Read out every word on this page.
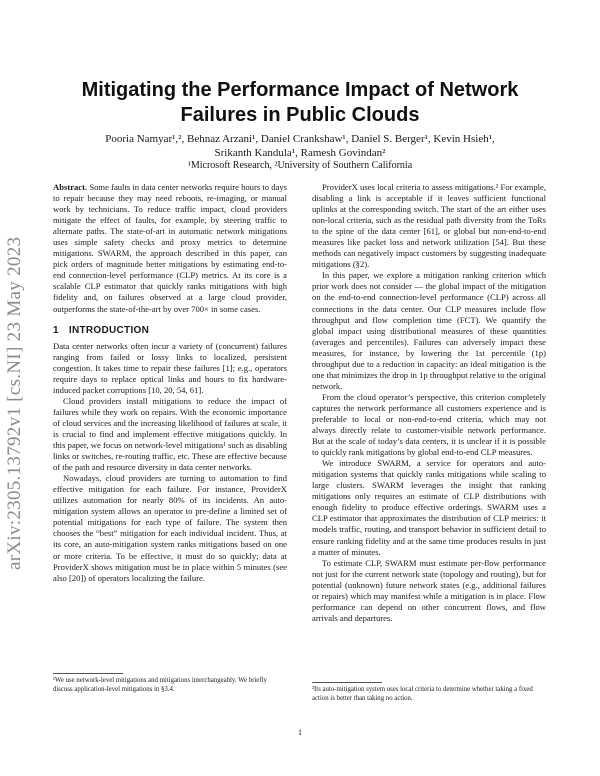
arXiv:2305.13792v1 [cs.NI] 23 May 2023
Mitigating the Performance Impact of Network
Failures in Public Clouds
Pooria Namyar¹,², Behnaz Arzani¹, Daniel Crankshaw¹, Daniel S. Berger¹, Kevin Hsieh¹,
Srikanth Kandula¹, Ramesh Govindan²
¹Microsoft Research, ²University of Southern California

Abstract. Some faults in data center networks require hours to days to repair because they may need reboots, re-imaging, or manual work by technicians. To reduce traffic impact, cloud providers mitigate the effect of faults, for example, by steering traffic to alternate paths. The state-of-art in automatic network mitigations uses simple safety checks and proxy metrics to determine mitigations. SWARM, the approach described in this paper, can pick orders of magnitude better mitigations by estimating end-to-end connection-level performance (CLP) metrics. At its core is a scalable CLP estimator that quickly ranks mitigations with high fidelity and, on failures observed at a large cloud provider, outperforms the state-of-the-art by over 700× in some cases.

1 INTRODUCTION

Data center networks often incur a variety of (concurrent) failures ranging from failed or lossy links to localized, persistent congestion. It takes time to repair these failures [1]; e.g., operators require days to replace optical links and hours to fix hardware-induced packet corruptions [10, 20, 54, 61].

Cloud providers install mitigations to reduce the impact of failures while they work on repairs. With the economic importance of cloud services and the increasing likelihood of failures at scale, it is crucial to find and implement effective mitigations quickly. In this paper, we focus on network-level mitigations¹ such as disabling links or switches, re-routing traffic, etc. These are effective because of the path and resource diversity in data center networks.

Nowadays, cloud providers are turning to automation to find effective mitigation for each failure. For instance, ProviderX utilizes automation for nearly 80% of its incidents. An auto-mitigation system allows an operator to pre-define a limited set of potential mitigations for each type of failure. The system then chooses the “best” mitigation for each individual incident. Thus, at its core, an auto-mitigation system ranks mitigations based on one or more criteria. To be effective, it must do so quickly; data at ProviderX shows mitigation must be in place within 5 minutes (see also [20]) of operators localizing the failure.

ProviderX uses local criteria to assess mitigations.² For example, disabling a link is acceptable if it leaves sufficient functional uplinks at the corresponding switch. The start of the art either uses non-local criteria, such as the residual path diversity from the ToRs to the spine of the data center [61], or global but non-end-to-end measures like packet loss and network utilization [54]. But these methods can negatively impact customers by suggesting inadequate mitigations (§2).

In this paper, we explore a mitigation ranking criterion which prior work does not consider — the global impact of the mitigation on the end-to-end connection-level performance (CLP) across all connections in the data center. Our CLP measures include flow throughput and flow completion time (FCT). We quantify the global impact using distributional measures of these quantities (averages and percentiles). Failures can adversely impact these measures, for instance, by lowering the 1st percentile (1p) throughput due to a reduction in capacity: an ideal mitigation is the one that minimizes the drop in 1p throughput relative to the original network.

From the cloud operator’s perspective, this criterion completely captures the network performance all customers experience and is preferable to local or non-end-to-end criteria, which may not always directly relate to customer-visible network performance. But at the scale of today’s data centers, it is unclear if it is possible to quickly rank mitigations by global end-to-end CLP measures.

We introduce SWARM, a service for operators and auto-mitigation systems that quickly ranks mitigations while scaling to large clusters. SWARM leverages the insight that ranking mitigations only requires an estimate of CLP distributions with enough fidelity to produce effective orderings. SWARM uses a CLP estimator that approximates the distribution of CLP metrics: it models traffic, routing, and transport behavior in sufficient detail to ensure ranking fidelity and at the same time produces results in just a matter of minutes.

To estimate CLP, SWARM must estimate per-flow performance not just for the current network state (topology and routing), but for potential (unknown) future network states (e.g., additional failures or repairs) which may manifest while a mitigation is in place. Flow performance can depend on other concurrent flows, and flow arrivals and departures.

¹We use network-level mitigations and mitigations interchangeably. We briefly discuss application-level mitigations in §3.4.	²Its auto-mitigation system uses local criteria to determine whether taking a fixed action is better than taking no action.
1
